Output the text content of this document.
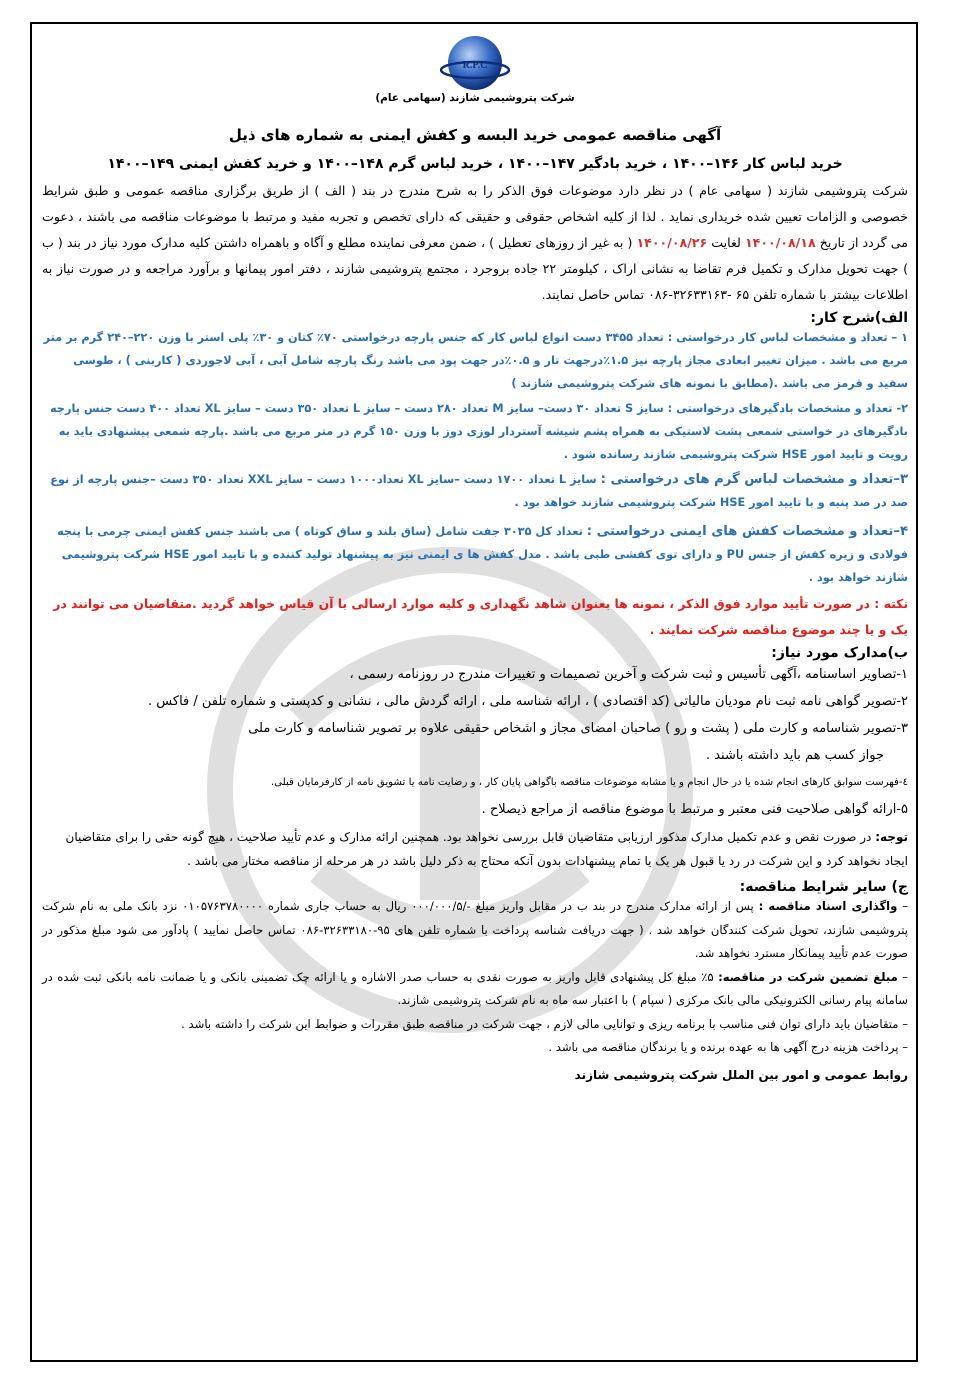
R.P.C
شرکت پتروشیمی شازند (سهامی عام)
آگهی مناقصه عمومی خرید البسه و کفش ایمنی به شماره های ذیل
خرید لباس کار ۱۴۶–۱۴۰۰ ، خرید بادگیر ۱۴۷–۱۴۰۰ ، خرید لباس گرم ۱۴۸–۱۴۰۰ و خرید کفش ایمنی ۱۴۹–۱۴۰۰
شرکت پتروشیمی شازند ( سهامی عام ) در نظر دارد موضوعات فوق الذکر را به شرح مندرج در بند ( الف ) از طریق برگزاری مناقصه عمومی و طبق شرایط خصوصی و الزامات تعیین شده خریداری نماید . لذا از کلیه اشخاص حقوقی و حقیقی که دارای تخصص و تجربه مفید و مرتبط با موضوعات مناقصه می باشند ، دعوت می گردد از تاریخ ۱۴۰۰/۰۸/۱۸ لغایت ۱۴۰۰/۰۸/۲۶ ( به غیر از روزهای تعطیل ) ، ضمن معرفی نماینده مطلع و آگاه و باهمراه داشتن کلیه مدارک مورد نیاز در بند ( ب ) جهت تحویل مدارک و تکمیل فرم تقاضا به نشانی اراک ، کیلومتر ۲۲ جاده بروجرد ، مجتمع پتروشیمی شازند ، دفتر امور پیمانها و برآورد مراجعه و در صورت نیاز به اطلاعات بیشتر با شماره تلفن ۶۵ -۳۲۶۳۳۱۶۳-۰۸۶ تماس حاصل نمایند.
الف)شرح کار:
۱ – تعداد و مشخصات لباس کار درخواستی : تعداد ۳۴۵۵ دست انواع لباس کار که جنس پارچه درخواستی ۷۰٪ کتان و ۳۰٪ پلی استر با وزن ۲۲۰–۲۴۰ گرم بر متر مربع می باشد . میزان تغییر ابعادی مجاز پارچه نیز ۱.۵٪درجهت تار و ۰.۵٪در جهت پود می باشد رنگ پارچه شامل آبی ، آبی لاجوردی ( کاربنی ) ، طوسی سفید و قرمز می باشد .(مطابق با نمونه های شرکت پتروشیمی شازند )
۲- تعداد و مشخصات بادگیرهای درخواستی : سایز S تعداد ۳۰ دست– سایز M تعداد ۲۸۰ دست – سایز L تعداد ۳۵۰ دست – سایز XL تعداد ۴۰۰ دست جنس پارچه بادگیرهای در خواستی شمعی پشت لاستیکی به همراه پشم شیشه آستردار لوزی دوز با وزن ۱۵۰ گرم در متر مربع می باشد .پارچه شمعی پیشنهادی باید به رویت و تایید امور HSE شرکت پتروشیمی شازند رسانده شود .
۳–تعداد و مشخصات لباس گرم های درخواستی : سایز L تعداد ۱۷۰۰ دست –سایز XL تعداد۱۰۰۰ دست – سایز XXL تعداد ۳۵۰ دست –جنس پارچه از نوع صد در صد پنبه و با تایید امور HSE شرکت پتروشیمی شازند خواهد بود .
۴–تعداد و مشخصات کفش های ایمنی درخواستی : تعداد کل ۳۰۳۵ جفت شامل (ساق بلند و ساق کوتاه ) می باشند جنس کفش ایمنی چرمی با پنجه فولادی و زیره کفش از جنس PU و دارای توی کفشی طبی باشد . مدل کفش ها ی ایمنی نیز به پیشنهاد تولید کننده و با تایید امور HSE شرکت پتروشیمی شازند خواهد بود .
نکته : در صورت تأیید موارد فوق الذکر ، نمونه ها بعنوان شاهد نگهداری و کلیه موارد ارسالی با آن قیاس خواهد گردید .متقاضیان می توانند در یک و یا چند موضوع مناقصه شرکت نمایند .
ب)مدارک مورد نیاز:
۱-تصاویر اساسنامه ،آگهی تأسیس و ثبت شرکت و آخرین تصمیمات و تغییرات مندرج در روزنامه رسمی ،
۲-تصویر گواهی نامه ثبت نام مودیان مالیاتی (کد اقتصادی ) ، ارائه شناسه ملی ، ارائه گردش مالی ، نشانی و کدپستی و شماره تلفن / فاکس .
۳-تصویر شناسامه و کارت ملی ( پشت و رو ) صاحبان امضای مجاز و اشخاص حقیقی علاوه بر تصویر شناسامه و کارت ملی
جواز کسب هم باید داشته باشند .
٤-فهرست سوابق کارهای انجام شده یا در حال انجام و یا مشابه موضوعات مناقصه باگواهی پایان کار ، و رضایت نامه یا تشویق نامه از کارفرمایان قبلی.
۵-ارائه گواهی صلاحیت فنی معتبر و مرتبط با موضوع مناقصه از مراجع ذیصلاح .
توجه: در صورت نقص و عدم تکمیل مدارک مذکور ارزیابی متقاضیان قابل بررسی نخواهد بود. همچنین ارائه مدارک و عدم تأیید صلاحیت ، هیچ گونه حقی را برای متقاضیان ایجاد نخواهد کرد و این شرکت در رد یا قبول هر یک یا تمام پیشنهادات بدون آنکه محتاج به ذکر دلیل باشد در هر مرحله از مناقصه مختار می باشد .
ج) سایر شرایط مناقصه:
– واگذاری اسناد مناقصه : پس از ارائه مدارک مندرج در بند ب در مقابل واریز مبلغ -/۰۰۰/۰۰۰/۵ ریال به حساب جاری شماره ۰۱۰۵۷۶۳۷۸۰۰۰۰ نزد بانک ملی به نام شرکت پتروشیمی شازند، تحویل شرکت کنندگان خواهد شد . ( جهت دریافت شناسه پرداخت با شماره تلفن های ۹۵-۳۲۶۳۳۱۸۰-۰۸۶ تماس حاصل نمایید ) پادآور می شود مبلغ مذکور در صورت عدم تأیید پیمانکار مسترد نخواهد شد.
– مبلغ تضمین شرکت در مناقصه: ۵٪ مبلغ کل پیشنهادی قابل واریز به صورت نقدی به حساب صدر الاشاره و یا ارائه چک تضمینی بانکی و یا ضمانت نامه بانکی ثبت شده در سامانه پیام رسانی الکترونیکی مالی بانک مرکزی ( سپام ) با اعتبار سه ماه به نام شرکت پتروشیمی شازند.
– متقاضیان باید دارای توان فنی مناسب با برنامه ریزی و توانایی مالی لازم ، جهت شرکت در مناقصه طبق مقررات و ضوابط این شرکت را داشته باشد .
– پرداخت هزینه درج آگهی ها به عهده برنده و یا برندگان مناقصه می باشد .
روابط عمومی و امور بین الملل شرکت پتروشیمی شازند
